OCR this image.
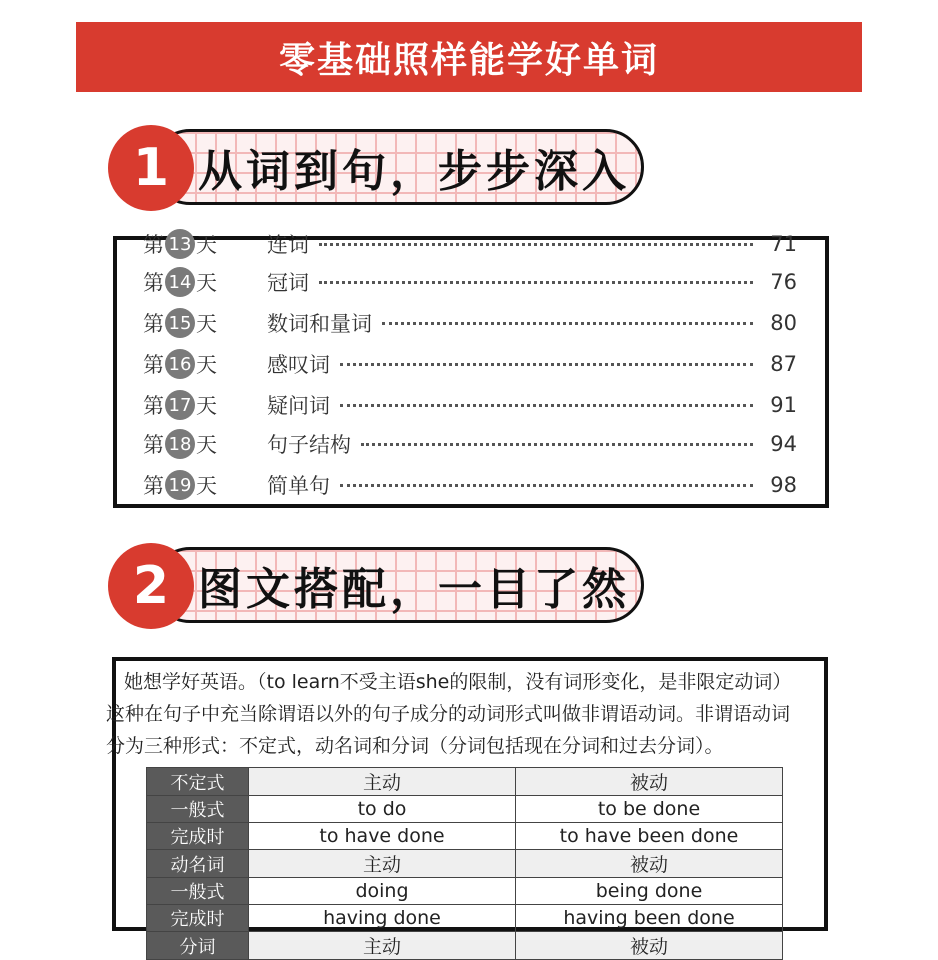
零基础照样能学好单词
1 从词到句，步步深入
第 13 天	连词	71
第 14 天	冠词	76
第 15 天	数词和量词	80
第 16 天	感叹词	87
第 17 天	疑问词	91
第 18 天	句子结构	94
第 19 天	简单句	98
2 图文搭配，一目了然
她想学好英语。（to learn不受主语she的限制，没有词形变化，是非限定动词）
这种在句子中充当除谓语以外的句子成分的动词形式叫做非谓语动词。非谓语动词
分为三种形式：不定式，动名词和分词（分词包括现在分词和过去分词）。
不定式	主动	被动
一般式	to do	to be done
完成时	to have done	to have been done
动名词	主动	被动
一般式	doing	being done
完成时	having done	having been done
分词	主动	被动
